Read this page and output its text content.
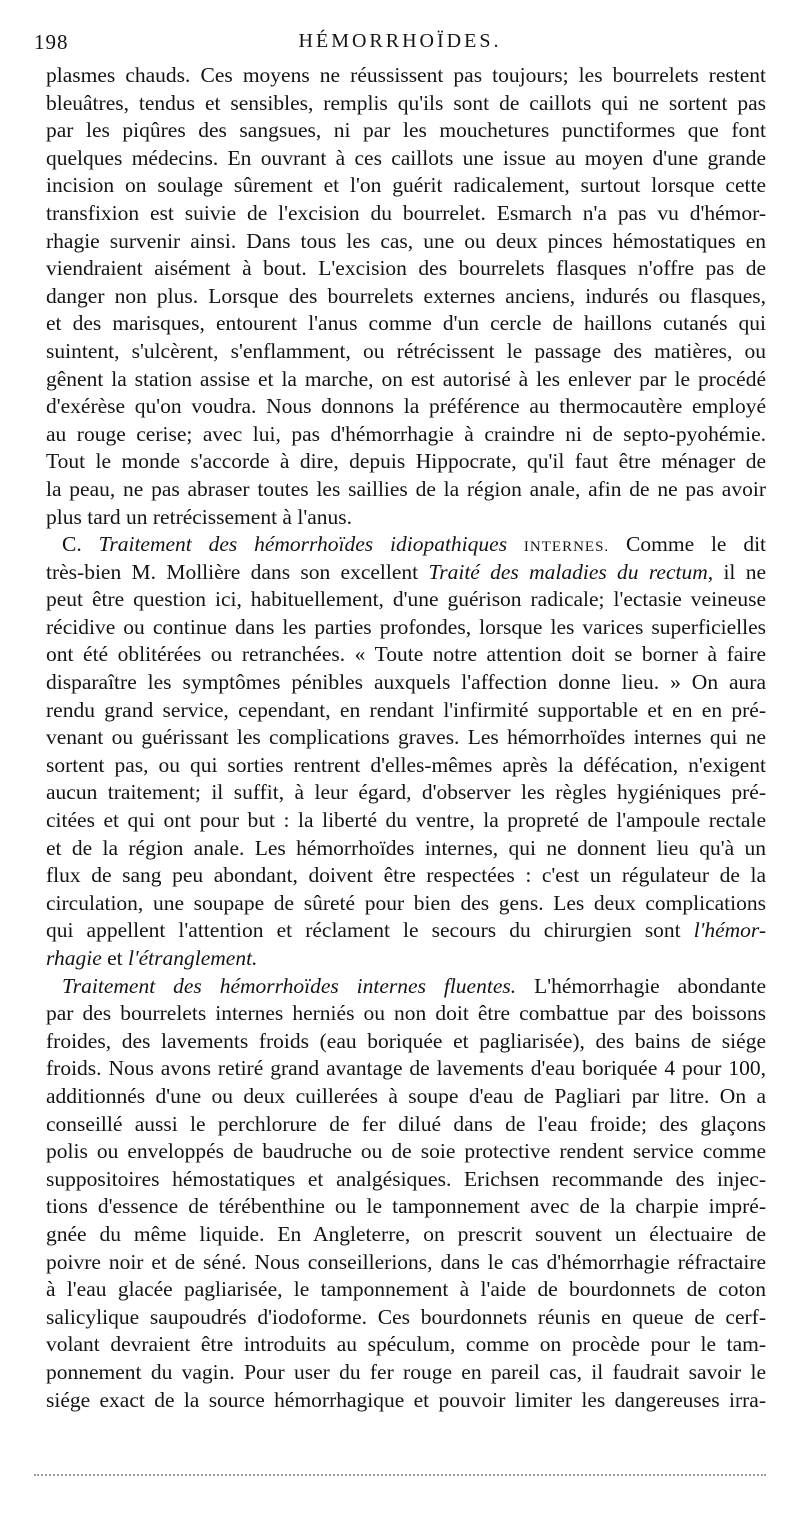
198	HÉMORRHOÏDES.
plasmes chauds. Ces moyens ne réussissent pas toujours; les bourrelets restent
bleuâtres, tendus et sensibles, remplis qu'ils sont de caillots qui ne sortent pas
par les piqûres des sangsues, ni par les mouchetures punctiformes que font
quelques médecins. En ouvrant à ces caillots une issue au moyen d'une grande
incision on soulage sûrement et l'on guérit radicalement, surtout lorsque cette
transfixion est suivie de l'excision du bourrelet. Esmarch n'a pas vu d'hémor-
rhagie survenir ainsi. Dans tous les cas, une ou deux pinces hémostatiques en
viendraient aisément à bout. L'excision des bourrelets flasques n'offre pas de
danger non plus. Lorsque des bourrelets externes anciens, indurés ou flasques,
et des marisques, entourent l'anus comme d'un cercle de haillons cutanés qui
suintent, s'ulcèrent, s'enflamment, ou rétrécissent le passage des matières, ou
gênent la station assise et la marche, on est autorisé à les enlever par le procédé
d'exérèse qu'on voudra. Nous donnons la préférence au thermocautère employé
au rouge cerise; avec lui, pas d'hémorrhagie à craindre ni de septo-pyohémie.
Tout le monde s'accorde à dire, depuis Hippocrate, qu'il faut être ménager de
la peau, ne pas abraser toutes les saillies de la région anale, afin de ne pas avoir
plus tard un retrécissement à l'anus.
C. Traitement des hémorrhoïdes idiopathiques INTERNES. Comme le dit
très-bien M. Mollière dans son excellent Traité des maladies du rectum, il ne
peut être question ici, habituellement, d'une guérison radicale; l'ectasie veineuse
récidive ou continue dans les parties profondes, lorsque les varices superficielles
ont été oblitérées ou retranchées. « Toute notre attention doit se borner à faire
disparaître les symptômes pénibles auxquels l'affection donne lieu. » On aura
rendu grand service, cependant, en rendant l'infirmité supportable et en en pré-
venant ou guérissant les complications graves. Les hémorrhoïdes internes qui ne
sortent pas, ou qui sorties rentrent d'elles-mêmes après la défécation, n'exigent
aucun traitement; il suffit, à leur égard, d'observer les règles hygiéniques pré-
citées et qui ont pour but : la liberté du ventre, la propreté de l'ampoule rectale
et de la région anale. Les hémorrhoïdes internes, qui ne donnent lieu qu'à un
flux de sang peu abondant, doivent être respectées : c'est un régulateur de la
circulation, une soupape de sûreté pour bien des gens. Les deux complications
qui appellent l'attention et réclament le secours du chirurgien sont l'hémor-
rhagie et l'étranglement.
Traitement des hémorrhoïdes internes fluentes. L'hémorrhagie abondante
par des bourrelets internes herniés ou non doit être combattue par des boissons
froides, des lavements froids (eau boriquée et pagliarisée), des bains de siége
froids. Nous avons retiré grand avantage de lavements d'eau boriquée 4 pour 100,
additionnés d'une ou deux cuillerées à soupe d'eau de Pagliari par litre. On a
conseillé aussi le perchlorure de fer dilué dans de l'eau froide; des glaçons
polis ou enveloppés de baudruche ou de soie protective rendent service comme
suppositoires hémostatiques et analgésiques. Erichsen recommande des injec-
tions d'essence de térébenthine ou le tamponnement avec de la charpie impré-
gnée du même liquide. En Angleterre, on prescrit souvent un électuaire de
poivre noir et de séné. Nous conseillerions, dans le cas d'hémorrhagie réfractaire
à l'eau glacée pagliarisée, le tamponnement à l'aide de bourdonnets de coton
salicylique saupoudrés d'iodoforme. Ces bourdonnets réunis en queue de cerf-
volant devraient être introduits au spéculum, comme on procède pour le tam-
ponnement du vagin. Pour user du fer rouge en pareil cas, il faudrait savoir le
siége exact de la source hémorrhagique et pouvoir limiter les dangereuses irra-
